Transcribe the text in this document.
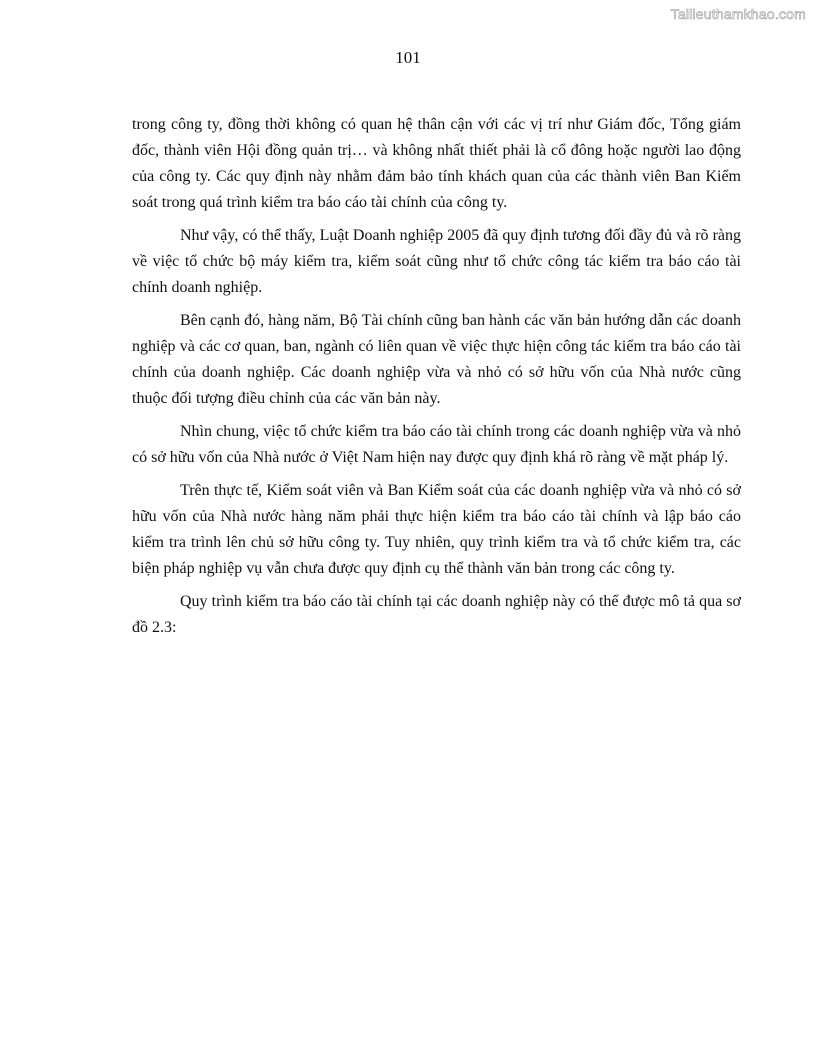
Tailieuthamkhao.com
101

trong công ty, đồng thời không có quan hệ thân cận với các vị trí như Giám đốc, Tổng giám đốc, thành viên Hội đồng quản trị… và không nhất thiết phải là cổ đông hoặc người lao động của công ty. Các quy định này nhằm đảm bảo tính khách quan của các thành viên Ban Kiểm soát trong quá trình kiểm tra báo cáo tài chính của công ty.

Như vậy, có thể thấy, Luật Doanh nghiệp 2005 đã quy định tương đối đầy đủ và rõ ràng về việc tổ chức bộ máy kiểm tra, kiểm soát cũng như tổ chức công tác kiểm tra báo cáo tài chính doanh nghiệp.

Bên cạnh đó, hàng năm, Bộ Tài chính cũng ban hành các văn bản hướng dẫn các doanh nghiệp và các cơ quan, ban, ngành có liên quan về việc thực hiện công tác kiểm tra báo cáo tài chính của doanh nghiệp. Các doanh nghiệp vừa và nhỏ có sở hữu vốn của Nhà nước cũng thuộc đối tượng điều chỉnh của các văn bản này.

Nhìn chung, việc tổ chức kiểm tra báo cáo tài chính trong các doanh nghiệp vừa và nhỏ có sở hữu vốn của Nhà nước ở Việt Nam hiện nay được quy định khá rõ ràng về mặt pháp lý.

Trên thực tế, Kiểm soát viên và Ban Kiểm soát của các doanh nghiệp vừa và nhỏ có sở hữu vốn của Nhà nước hàng năm phải thực hiện kiểm tra báo cáo tài chính và lập báo cáo kiểm tra trình lên chủ sở hữu công ty. Tuy nhiên, quy trình kiểm tra và tổ chức kiểm tra, các biện pháp nghiệp vụ vẫn chưa được quy định cụ thể thành văn bản trong các công ty.

Quy trình kiểm tra báo cáo tài chính tại các doanh nghiệp này có thể được mô tả qua sơ đồ 2.3:
